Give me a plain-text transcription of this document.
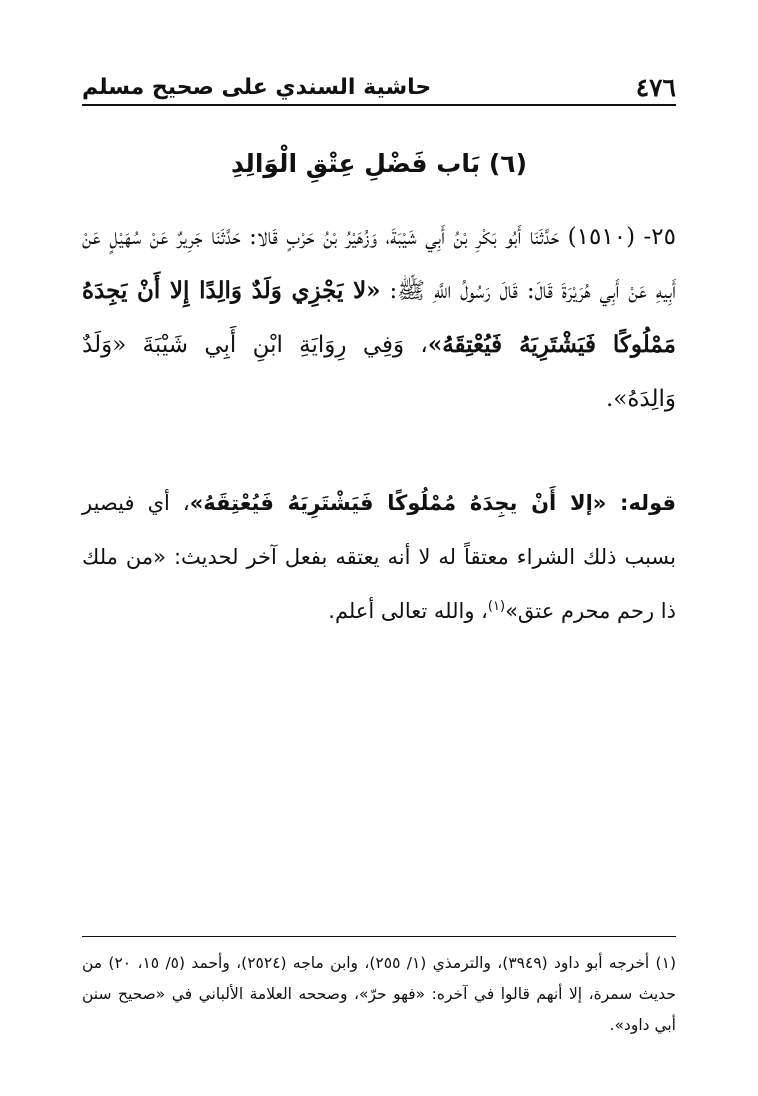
٤٧٦
حاشية السندي على صحيح مسلم
(٦) بَاب فَضْلِ عِتْقِ الْوَالِدِ

٢٥- (١٥١٠) حَدَّثَنَا أَبُو بَكْرِ بْنُ أَبِي شَيْبَةَ، وَزُهَيْرُ بْنُ حَرْبٍ قَالا: حَدَّثَنَا جَرِيرٌ عَنْ سُهَيْلٍ عَنْ أَبِيهِ عَنْ أَبِي هُرَيْرَةَ قَالَ: قَالَ رَسُولُ اللَّهِ ﷺ: «لا يَجْزِي وَلَدٌ وَالِدًا إِلا أَنْ يَجِدَهُ مَمْلُوكًا فَيَشْتَرِيَهُ فَيُعْتِقَهُ»، وَفِي رِوَايَةِ ابْنِ أَبِي شَيْبَةَ «وَلَدٌ وَالِدَهُ».

قوله: «إلا أَنْ يجِدَهُ مُمْلُوكًا فَيَشْتَرِيَهُ فَيُعْتِقَهُ»، أي فيصير بسبب ذلك الشراء معتقاً له لا أنه يعتقه بفعل آخر لحديث: «من ملك ذا رحم محرم عتق»$^{(١)}$، والله تعالى أعلم.

(١) أخرجه أبو داود (٣٩٤٩)، والترمذي (١/ ٢٥٥)، وابن ماجه (٢٥٢٤)، وأحمد (٥/ ١٥، ٢٠) من حديث سمرة، إلا أنهم قالوا في آخره: «فهو حرّ»، وصححه العلامة الألباني في «صحيح سنن أبي داود».
